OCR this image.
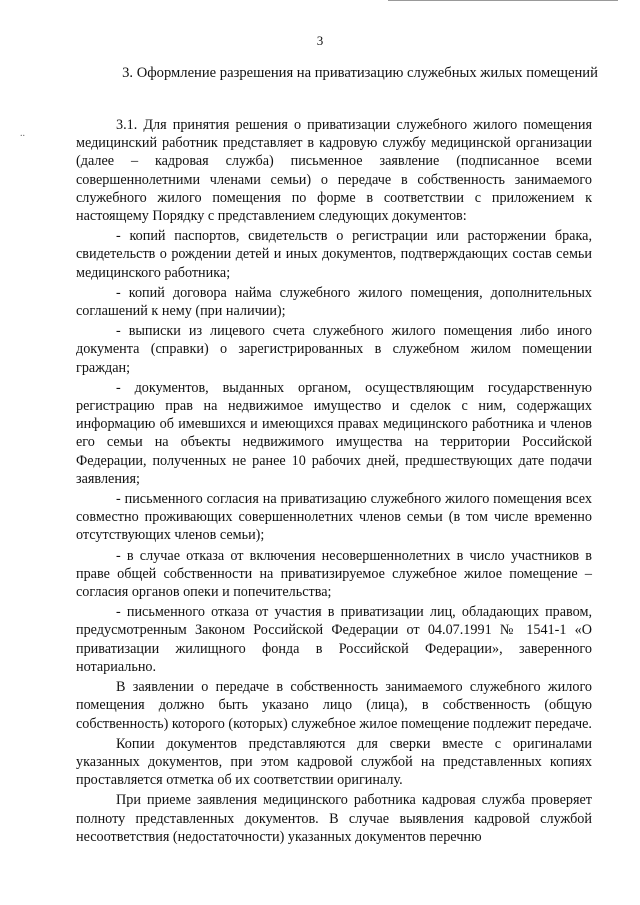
3
3. Оформление разрешения на приватизацию служебных жилых помещений
..

3.1. Для принятия решения о приватизации служебного жилого помещения медицинский работник представляет в кадровую службу медицинской организации (далее – кадровая служба) письменное заявление (подписанное всеми совершеннолетними членами семьи) о передаче в собственность занимаемого служебного жилого помещения по форме в соответствии с приложением к настоящему Порядку с представлением следующих документов:

- копий паспортов, свидетельств о регистрации или расторжении брака, свидетельств о рождении детей и иных документов, подтверждающих состав семьи медицинского работника;

- копий договора найма служебного жилого помещения, дополнительных соглашений к нему (при наличии);

- выписки из лицевого счета служебного жилого помещения либо иного документа (справки) о зарегистрированных в служебном жилом помещении граждан;

- документов, выданных органом, осуществляющим государственную регистрацию прав на недвижимое имущество и сделок с ним, содержащих информацию об имевшихся и имеющихся правах медицинского работника и членов его семьи на объекты недвижимого имущества на территории Российской Федерации, полученных не ранее 10 рабочих дней, предшествующих дате подачи заявления;

- письменного согласия на приватизацию служебного жилого помещения всех совместно проживающих совершеннолетних членов семьи (в том числе временно отсутствующих членов семьи);

- в случае отказа от включения несовершеннолетних в число участников в праве общей собственности на приватизируемое служебное жилое помещение – согласия органов опеки и попечительства;

- письменного отказа от участия в приватизации лиц, обладающих правом, предусмотренным Законом Российской Федерации от 04.07.1991 № 1541-1 «О приватизации жилищного фонда в Российской Федерации», заверенного нотариально.

В заявлении о передаче в собственность занимаемого служебного жилого помещения должно быть указано лицо (лица), в собственность (общую собственность) которого (которых) служебное жилое помещение подлежит передаче.

Копии документов представляются для сверки вместе с оригиналами указанных документов, при этом кадровой службой на представленных копиях проставляется отметка об их соответствии оригиналу.

При приеме заявления медицинского работника кадровая служба проверяет полноту представленных документов. В случае выявления кадровой службой несоответствия (недостаточности) указанных документов перечню
